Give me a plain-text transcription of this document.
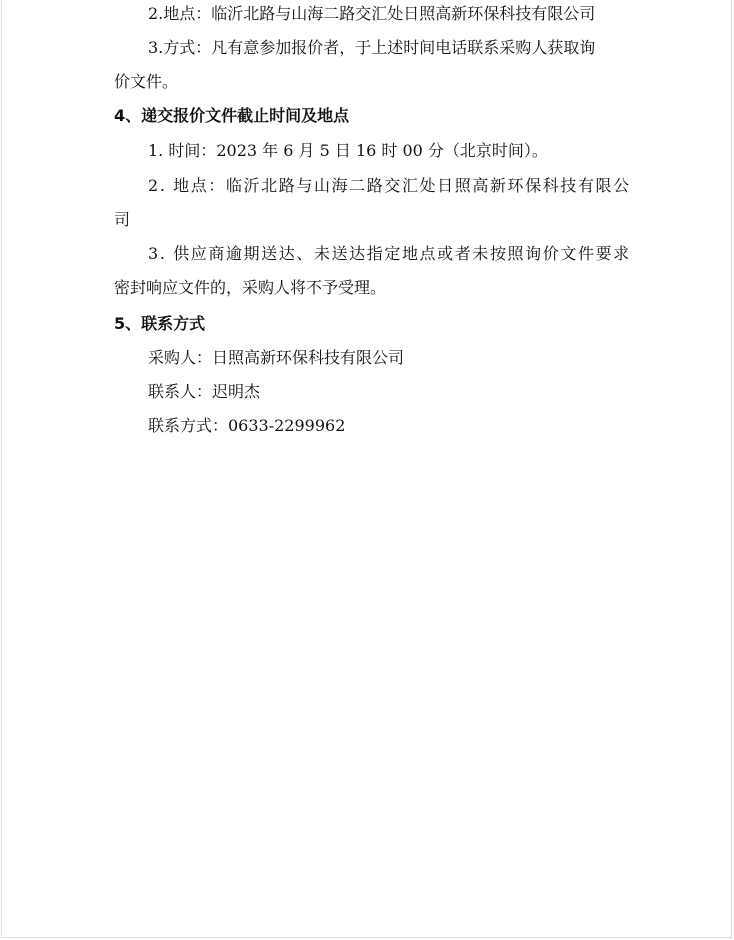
2.地点：临沂北路与山海二路交汇处日照高新环保科技有限公司

3.方式：凡有意参加报价者，于上述时间电话联系采购人获取询

价文件。

4、递交报价文件截止时间及地点

1. 时间：2023 年 6 月 5 日 16 时 00 分（北京时间）。

2. 地点：临沂北路与山海二路交汇处日照高新环保科技有限公

司

3. 供应商逾期送达、未送达指定地点或者未按照询价文件要求

密封响应文件的，采购人将不予受理。

5、联系方式

采购人：日照高新环保科技有限公司

联系人：迟明杰

联系方式：0633-2299962
